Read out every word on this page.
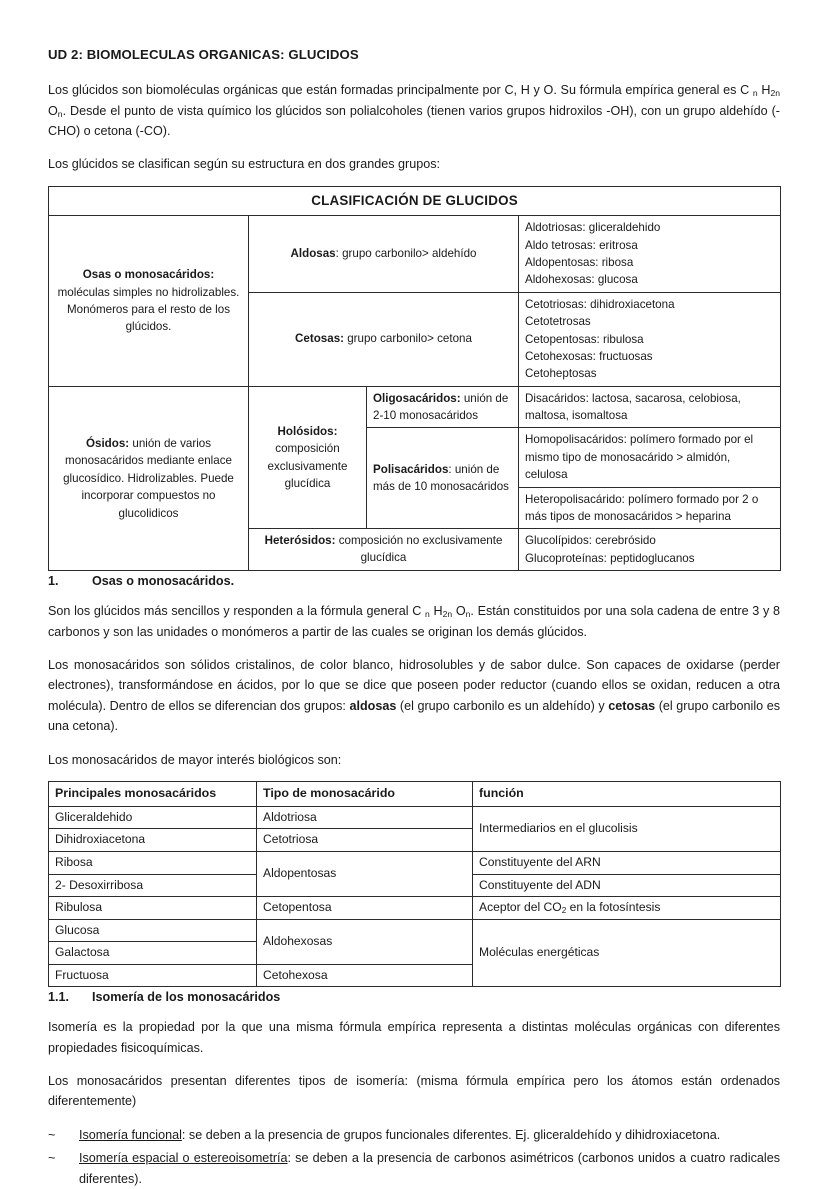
UD 2: BIOMOLECULAS ORGANICAS: GLUCIDOS

Los glúcidos son biomoléculas orgánicas que están formadas principalmente por C, H y O. Su fórmula empírica general es C $_n$ $H_{2n}$ $O_n$. Desde el punto de vista químico los glúcidos son polialcoholes (tienen varios grupos hidroxilos -OH), con un grupo aldehído (-CHO) o cetona (-CO).

Los glúcidos se clasifican según su estructura en dos grandes grupos:

CLASIFICACIÓN DE GLUCIDOS			
Osas o monosacáridos: moléculas simples no hidrolizables. Monómeros para el resto de los glúcidos.	Aldosas: grupo carbonilo> aldehído		Aldotriosas: gliceraldehido
Aldo tetrosas: eritrosa
Aldopentosas: ribosa
Aldohexosas: glucosa

	Cetosas: grupo carbonilo> cetona		Cetotriosas: dihidroxiacetona
Cetotetrosas
Cetopentosas: ribulosa
Cetohexosas: fructuosas
Cetoheptosas

Ósidos: unión de varios monosacáridos mediante enlace glucosídico. Hidrolizables. Puede incorporar compuestos no glucolidicos	Holósidos: composición exclusivamente glucídica	Oligosacáridos: unión de 2-10 monosacáridos	Disacáridos: lactosa, sacarosa, celobiosa, maltosa, isomaltosa
		Polisacáridos: unión de más de 10 monosacáridos	Homopolisacáridos: polímero formado por el mismo tipo de monosacárido > almidón, celulosa
			Heteropolisacárido: polímero formado por 2 o más tipos de monosacáridos > heparina
	Heterósidos: composición no exclusivamente glucídica		Glucolípidos: cerebrósido
Glucoproteínas: peptidoglucanos
1.	Osas o monosacáridos.

Son los glúcidos más sencillos y responden a la fórmula general C $_n$ $H_{2n}$ $O_n$. Están constituidos por una sola cadena de entre 3 y 8 carbonos y son las unidades o monómeros a partir de las cuales se originan los demás glúcidos.

Los monosacáridos son sólidos cristalinos, de color blanco, hidrosolubles y de sabor dulce. Son capaces de oxidarse (perder electrones), transformándose en ácidos, por lo que se dice que poseen poder reductor (cuando ellos se oxidan, reducen a otra molécula). Dentro de ellos se diferencian dos grupos: aldosas (el grupo carbonilo es un aldehído) y cetosas (el grupo carbonilo es una cetona).

Los monosacáridos de mayor interés biológicos son:

Principales monosacáridos	Tipo de monosacárido	función
Gliceraldehido	Aldotriosa	Intermediarios en el glucolisis
Dihidroxiacetona	Cetotriosa	
Ribosa	Aldopentosas	Constituyente del ARN
2- Desoxirribosa		Constituyente del ADN
Ribulosa	Cetopentosa	Aceptor del $CO_2$ en la fotosíntesis
Glucosa	Aldohexosas	Moléculas energéticas
Galactosa		
Fructuosa	Cetohexosa	
1.1.	Isomería de los monosacáridos

Isomería es la propiedad por la que una misma fórmula empírica representa a distintas moléculas orgánicas con diferentes propiedades fisicoquímicas.

Los monosacáridos presentan diferentes tipos de isomería: (misma fórmula empírica pero los átomos están ordenados diferentemente)

~	Isomería funcional: se deben a la presencia de grupos funcionales diferentes. Ej. gliceraldehído y dihidroxiacetona.
~	Isomería espacial o estereoisometría: se deben a la presencia de carbonos asimétricos (carbonos unidos a cuatro radicales diferentes).
